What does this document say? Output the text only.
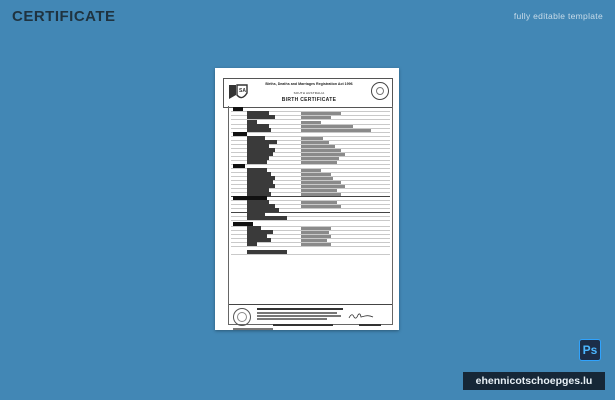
CERTIFICATE	fully editable template
SA
Births, Deaths and Marriages Registration Act 1996
SOUTH AUSTRALIA
BIRTH CERTIFICATE
Ps
ehennicotschoepges.lu
